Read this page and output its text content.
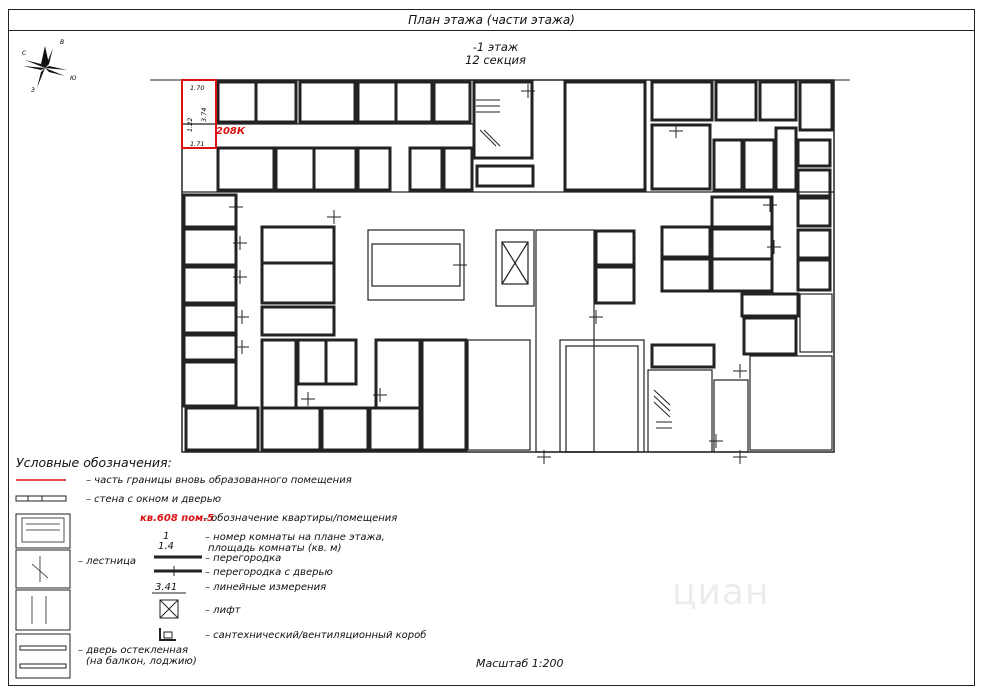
План этажа (части этажа)
-1 этаж
12 секция
циан
С
В
Ю
З	1.70
3.74
1.22
1.71
208К
Условные обозначения:
– часть границы вновь образованного помещения
– стена с окном и дверью
кв.608 пом.5
– обозначение квартиры/помещения
1
1.4
– номер комнаты на плане этажа,
площадь комнаты (кв. м)
– лестница	– перегородка
– перегородка с дверью
3.41	– линейные измерения
– лифт
– сантехнический/вентиляционный короб
– дверь остекленная
(на балкон, лоджию)	Масштаб 1:200
